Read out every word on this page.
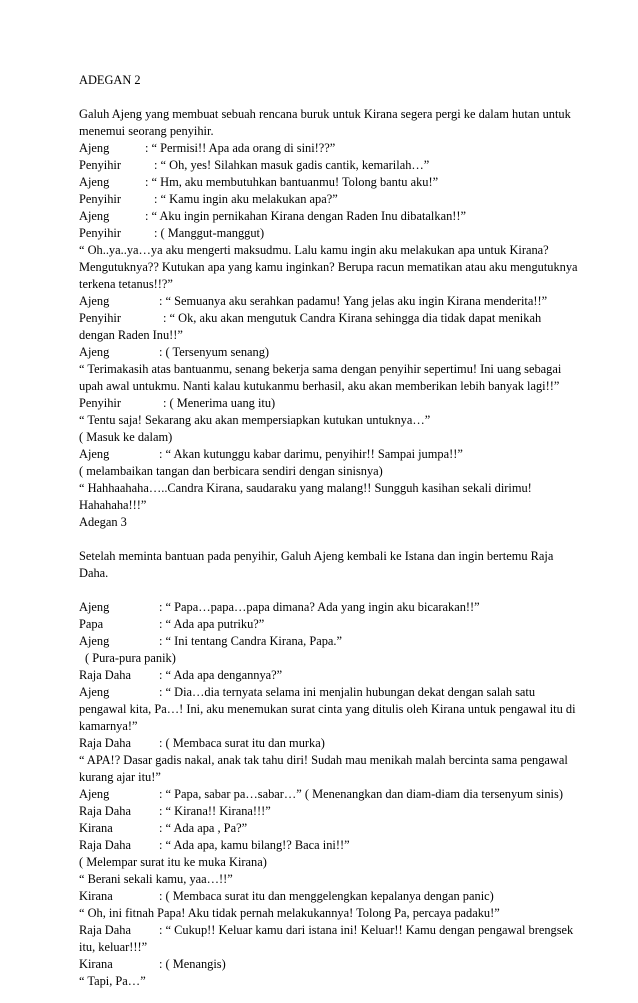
ADEGAN 2
Galuh Ajeng yang membuat sebuah rencana buruk untuk Kirana segera pergi ke dalam hutan untuk menemui seorang penyihir.
Ajeng	: “ Permisi!! Apa ada orang di sini!??”
Penyihir	: “ Oh, yes! Silahkan masuk gadis cantik, kemarilah…”
Ajeng	: “ Hm, aku membutuhkan bantuanmu! Tolong bantu aku!”
Penyihir	: “ Kamu ingin aku melakukan apa?”
Ajeng	: “ Aku ingin pernikahan Kirana dengan Raden Inu dibatalkan!!”
Penyihir	: ( Manggut-manggut)
“ Oh..ya..ya…ya aku mengerti maksudmu. Lalu kamu ingin aku melakukan apa untuk Kirana? Mengutuknya?? Kutukan apa yang kamu inginkan? Berupa racun mematikan atau aku mengutuknya terkena tetanus!!?”
Ajeng	: “ Semuanya aku serahkan padamu! Yang jelas aku ingin Kirana menderita!!”
Penyihir	: “ Ok, aku akan mengutuk Candra Kirana sehingga dia tidak dapat menikah dengan Raden Inu!!”
Ajeng	: ( Tersenyum senang)
“ Terimakasih atas bantuanmu, senang bekerja sama dengan penyihir sepertimu! Ini uang sebagai upah awal untukmu. Nanti kalau kutukanmu berhasil, aku akan memberikan lebih banyak lagi!!”
Penyihir	: ( Menerima uang itu)
“ Tentu saja! Sekarang aku akan mempersiapkan kutukan untuknya…”
( Masuk ke dalam)
Ajeng	: “ Akan kutunggu kabar darimu, penyihir!! Sampai jumpa!!”
( melambaikan tangan dan berbicara sendiri dengan sinisnya)
“ Hahhaahaha…..Candra Kirana, saudaraku yang malang!! Sungguh kasihan sekali dirimu! Hahahaha!!!”
Adegan 3
Setelah meminta bantuan pada penyihir, Galuh Ajeng kembali ke Istana dan ingin bertemu Raja Daha.
Ajeng	: “ Papa…papa…papa dimana? Ada yang ingin aku bicarakan!!”
Papa	: “ Ada apa putriku?”
Ajeng	: “ Ini tentang Candra Kirana, Papa.”
( Pura-pura panik)
Raja Daha	: “ Ada apa dengannya?”
Ajeng	: “ Dia…dia ternyata selama ini menjalin hubungan dekat dengan salah satu pengawal kita, Pa…! Ini, aku menemukan surat cinta yang ditulis oleh Kirana untuk pengawal itu di kamarnya!”
Raja Daha	: ( Membaca surat itu dan murka)
“ APA!? Dasar gadis nakal, anak tak tahu diri! Sudah mau menikah malah bercinta sama pengawal kurang ajar itu!”
Ajeng	: “ Papa, sabar pa…sabar…” ( Menenangkan dan diam-diam dia tersenyum sinis)
Raja Daha	: “ Kirana!! Kirana!!!”
Kirana	: “ Ada apa , Pa?”
Raja Daha	: “ Ada apa, kamu bilang!? Baca ini!!”
( Melempar surat itu ke muka Kirana)
“ Berani sekali kamu, yaa…!!”
Kirana	: ( Membaca surat itu dan menggelengkan kepalanya dengan panic)
“ Oh, ini fitnah Papa! Aku tidak pernah melakukannya! Tolong Pa, percaya padaku!”
Raja Daha : “ Cukup!! Keluar kamu dari istana ini! Keluar!! Kamu dengan pengawal brengsek itu, keluar!!!”
Kirana	: ( Menangis)
“ Tapi, Pa…”
